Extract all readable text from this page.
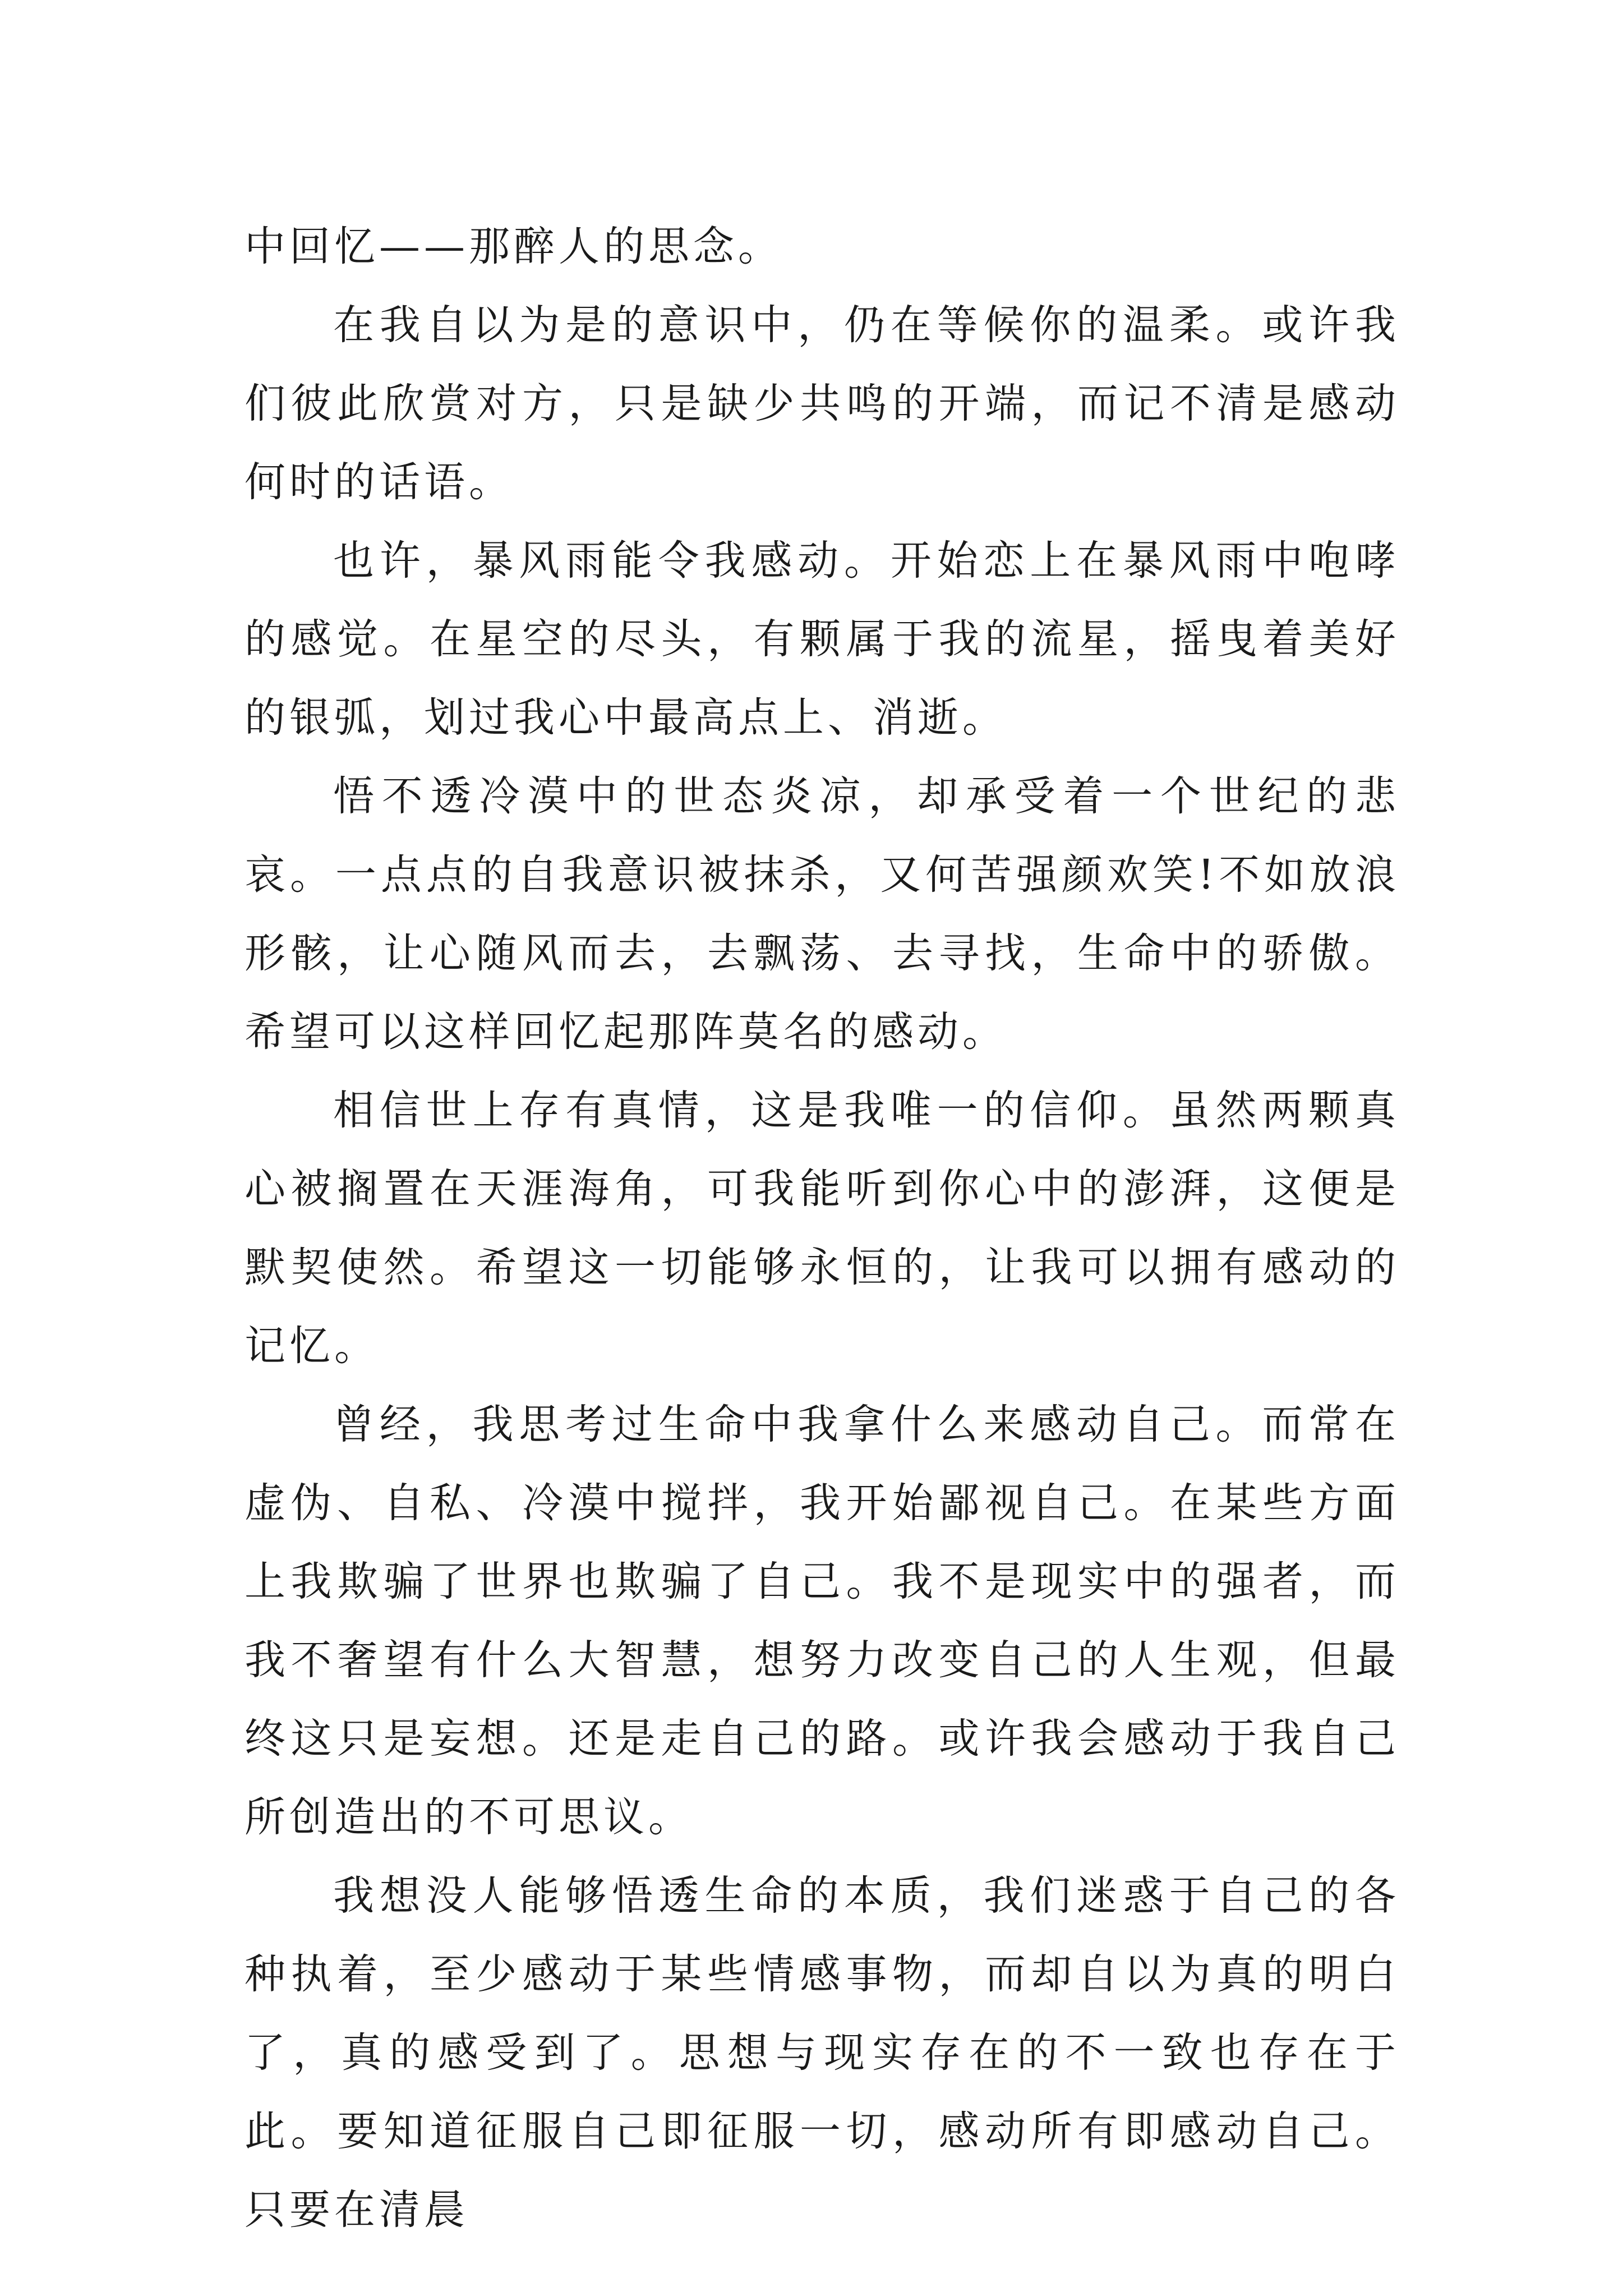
中回忆——那醉人的思念。

在我自以为是的意识中，仍在等候你的温柔。或许我们彼此欣赏对方，只是缺少共鸣的开端，而记不清是感动何时的话语。

也许，暴风雨能令我感动。开始恋上在暴风雨中咆哮的感觉。在星空的尽头，有颗属于我的流星，摇曳着美好的银弧，划过我心中最高点上、消逝。

悟不透冷漠中的世态炎凉，却承受着一个世纪的悲哀。一点点的自我意识被抹杀，又何苦强颜欢笑!不如放浪形骸，让心随风而去，去飘荡、去寻找，生命中的骄傲。希望可以这样回忆起那阵莫名的感动。

相信世上存有真情，这是我唯一的信仰。虽然两颗真心被搁置在天涯海角，可我能听到你心中的澎湃，这便是默契使然。希望这一切能够永恒的，让我可以拥有感动的记忆。

曾经，我思考过生命中我拿什么来感动自己。而常在虚伪、自私、冷漠中搅拌，我开始鄙视自己。在某些方面上我欺骗了世界也欺骗了自己。我不是现实中的强者，而我不奢望有什么大智慧，想努力改变自己的人生观，但最终这只是妄想。还是走自己的路。或许我会感动于我自己所创造出的不可思议。

我想没人能够悟透生命的本质，我们迷惑于自己的各种执着，至少感动于某些情感事物，而却自以为真的明白了，真的感受到了。思想与现实存在的不一致也存在于此。要知道征服自己即征服一切，感动所有即感动自己。只要在清晨
